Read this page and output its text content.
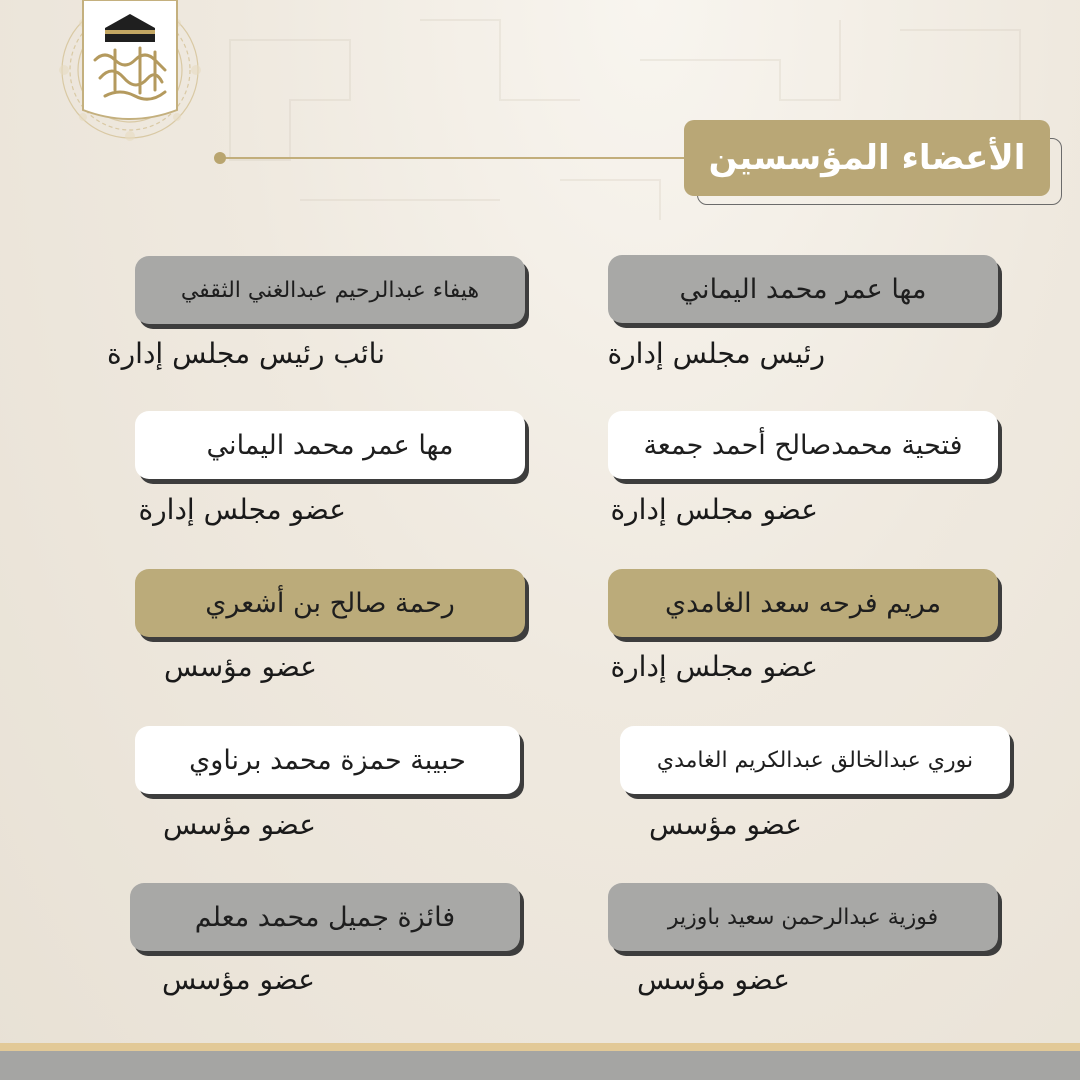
الأعضاء المؤسسين
مها عمر محمد اليماني
رئيس مجلس إدارة
هيفاء عبدالرحيم عبدالغني الثقفي
نائب رئيس مجلس إدارة
فتحية محمدصالح أحمد جمعة
عضو مجلس إدارة
مها عمر محمد اليماني
عضو مجلس إدارة
مريم فرحه سعد الغامدي
عضو مجلس إدارة
رحمة صالح بن أشعري
عضو مؤسس
نوري عبدالخالق عبدالكريم الغامدي
عضو مؤسس
حبيبة حمزة محمد برناوي
عضو مؤسس
فوزية عبدالرحمن سعيد باوزير
عضو مؤسس
فائزة جميل محمد معلم
عضو مؤسس
